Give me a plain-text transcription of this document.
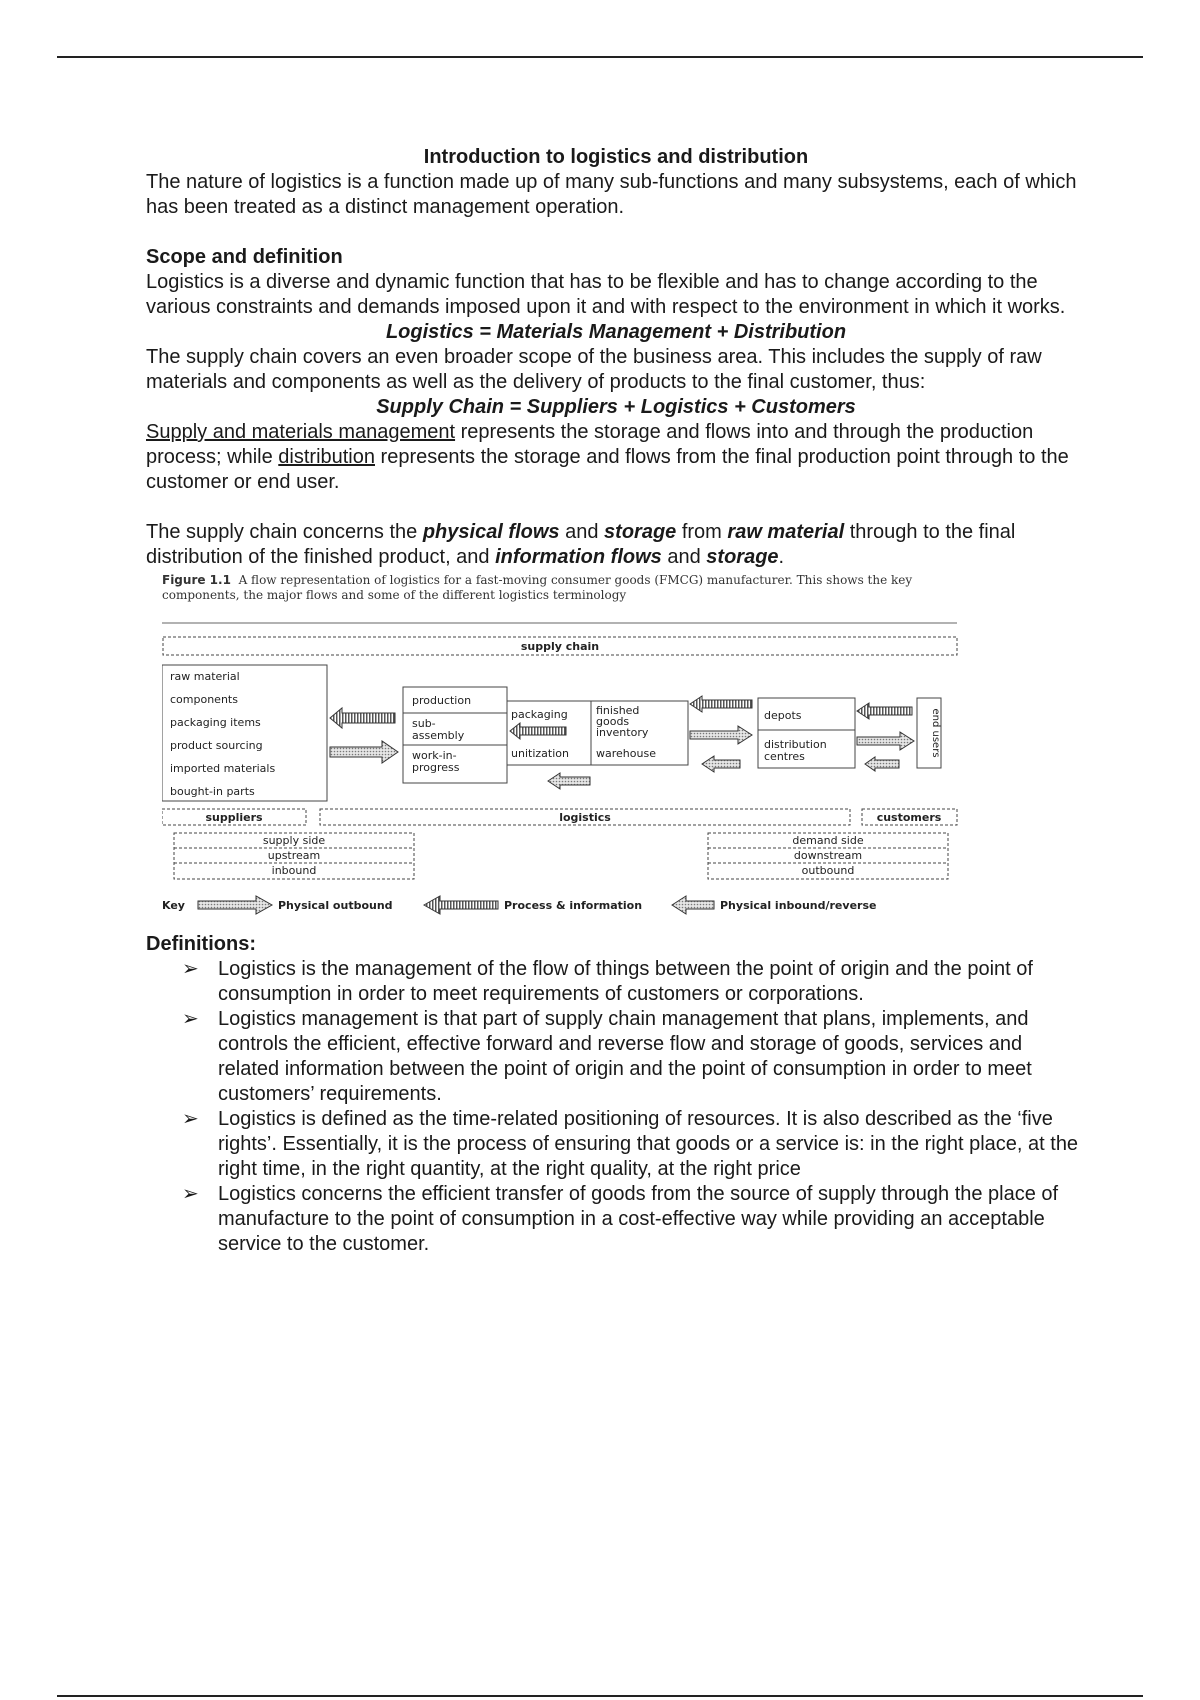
Introduction to logistics and distribution

The nature of logistics is a function made up of many sub-functions and many subsystems, each of which has been treated as a distinct management operation.

Scope and definition

Logistics is a diverse and dynamic function that has to be flexible and has to change according to the various constraints and demands imposed upon it and with respect to the environment in which it works.

Logistics = Materials Management + Distribution

The supply chain covers an even broader scope of the business area. This includes the supply of raw materials and components as well as the delivery of products to the final customer, thus:

Supply Chain = Suppliers + Logistics + Customers

Supply and materials management represents the storage and flows into and through the production process; while distribution represents the storage and flows from the final production point through to the customer or end user.

The supply chain concerns the physical flows and storage from raw material through to the final distribution of the finished product, and information flows and storage.

Figure 1.1 A flow representation of logistics for a fast-moving consumer goods (FMCG) manufacturer. This shows the key components, the major flows and some of the different logistics terminology
supply chain
raw material
components
packaging items
product sourcing
imported materials
bought-in parts
production
sub-
assembly
work-in-
progress
packaging
unitization
finished
goods
inventory
warehouse
depots
distribution
centres	end users
suppliers	logistics	customers
supply side
upstream
inbound
demand side
downstream
outbound
Key	Physical outbound	Process & information	Physical inbound/reverse

Definitions:

➢ Logistics is the management of the flow of things between the point of origin and the point of consumption in order to meet requirements of customers or corporations.
➢ Logistics management is that part of supply chain management that plans, implements, and controls the efficient, effective forward and reverse flow and storage of goods, services and related information between the point of origin and the point of consumption in order to meet customers’ requirements.
➢ Logistics is defined as the time-related positioning of resources. It is also described as the ‘five rights’. Essentially, it is the process of ensuring that goods or a service is: in the right place, at the right time, in the right quantity, at the right quality, at the right price
➢ Logistics concerns the efficient transfer of goods from the source of supply through the place of manufacture to the point of consumption in a cost-effective way while providing an acceptable service to the customer.
